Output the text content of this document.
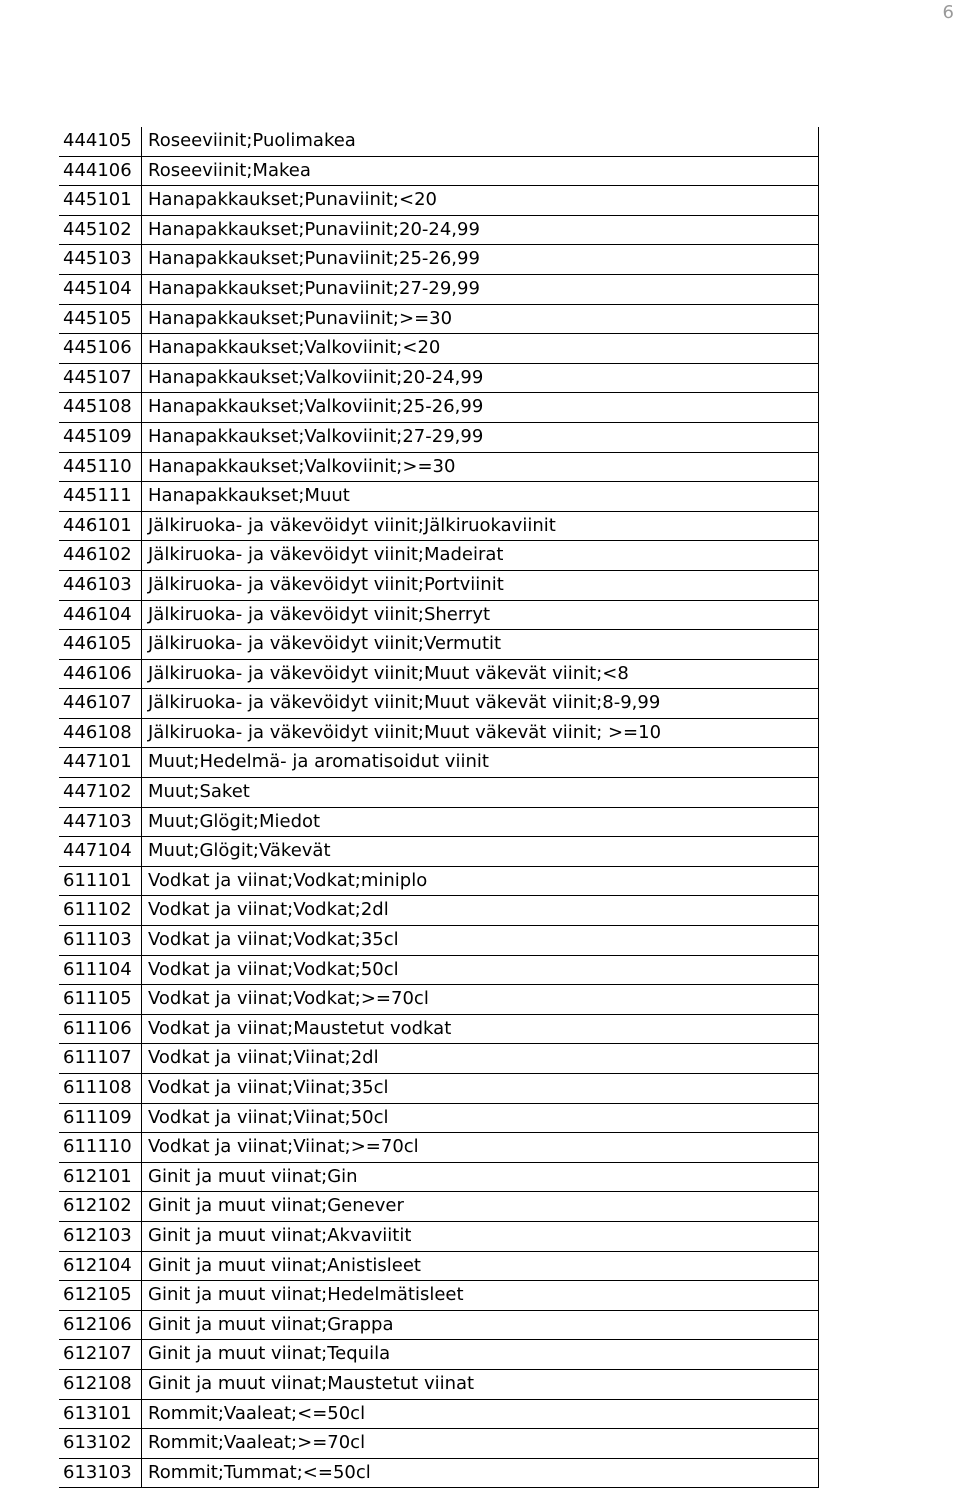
6
444105	Roseeviinit;Puolimakea
444106	Roseeviinit;Makea
445101	Hanapakkaukset;Punaviinit;<20
445102	Hanapakkaukset;Punaviinit;20-24,99
445103	Hanapakkaukset;Punaviinit;25-26,99
445104	Hanapakkaukset;Punaviinit;27-29,99
445105	Hanapakkaukset;Punaviinit;>=30
445106	Hanapakkaukset;Valkoviinit;<20
445107	Hanapakkaukset;Valkoviinit;20-24,99
445108	Hanapakkaukset;Valkoviinit;25-26,99
445109	Hanapakkaukset;Valkoviinit;27-29,99
445110	Hanapakkaukset;Valkoviinit;>=30
445111	Hanapakkaukset;Muut
446101	Jälkiruoka- ja väkevöidyt viinit;Jälkiruokaviinit
446102	Jälkiruoka- ja väkevöidyt viinit;Madeirat
446103	Jälkiruoka- ja väkevöidyt viinit;Portviinit
446104	Jälkiruoka- ja väkevöidyt viinit;Sherryt
446105	Jälkiruoka- ja väkevöidyt viinit;Vermutit
446106	Jälkiruoka- ja väkevöidyt viinit;Muut väkevät viinit;<8
446107	Jälkiruoka- ja väkevöidyt viinit;Muut väkevät viinit;8-9,99
446108	Jälkiruoka- ja väkevöidyt viinit;Muut väkevät viinit; >=10
447101	Muut;Hedelmä- ja aromatisoidut viinit
447102	Muut;Saket
447103	Muut;Glögit;Miedot
447104	Muut;Glögit;Väkevät
611101	Vodkat ja viinat;Vodkat;miniplo
611102	Vodkat ja viinat;Vodkat;2dl
611103	Vodkat ja viinat;Vodkat;35cl
611104	Vodkat ja viinat;Vodkat;50cl
611105	Vodkat ja viinat;Vodkat;>=70cl
611106	Vodkat ja viinat;Maustetut vodkat
611107	Vodkat ja viinat;Viinat;2dl
611108	Vodkat ja viinat;Viinat;35cl
611109	Vodkat ja viinat;Viinat;50cl
611110	Vodkat ja viinat;Viinat;>=70cl
612101	Ginit ja muut viinat;Gin
612102	Ginit ja muut viinat;Genever
612103	Ginit ja muut viinat;Akvaviitit
612104	Ginit ja muut viinat;Anistisleet
612105	Ginit ja muut viinat;Hedelmätisleet
612106	Ginit ja muut viinat;Grappa
612107	Ginit ja muut viinat;Tequila
612108	Ginit ja muut viinat;Maustetut viinat
613101	Rommit;Vaaleat;<=50cl
613102	Rommit;Vaaleat;>=70cl
613103	Rommit;Tummat;<=50cl
